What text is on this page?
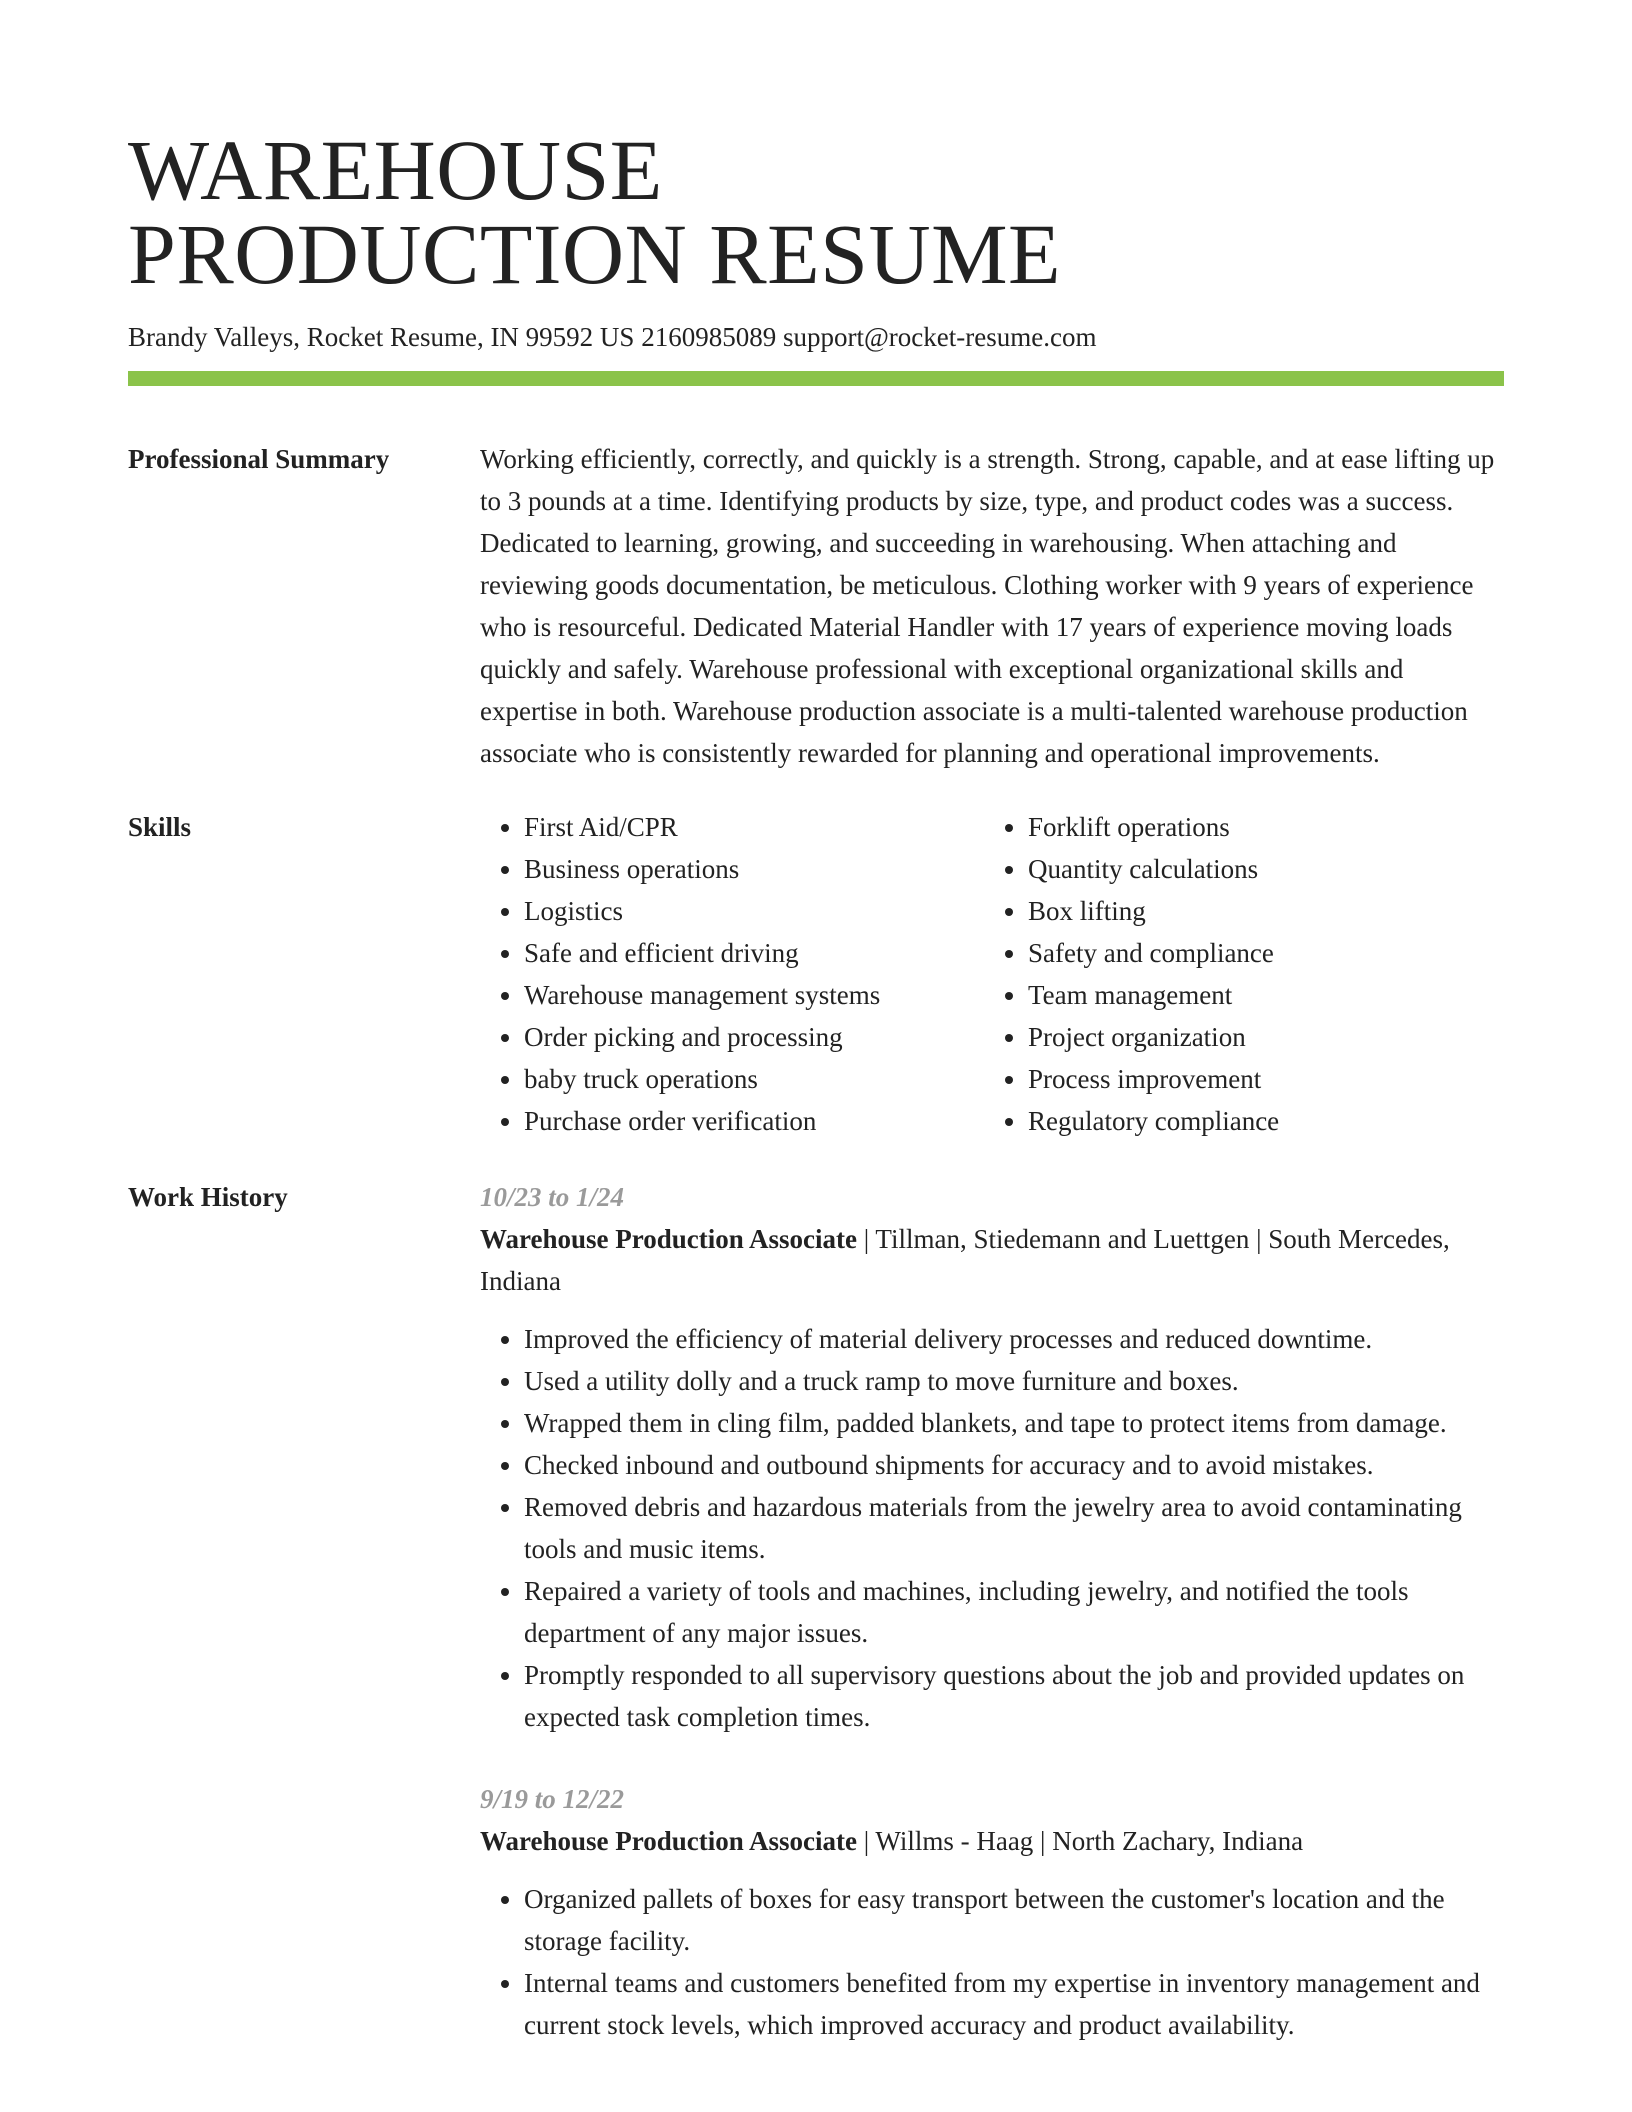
WAREHOUSE
PRODUCTION RESUME
Brandy Valleys, Rocket Resume, IN 99592 US 2160985089 support@rocket-resume.com
Professional Summary	Working efficiently, correctly, and quickly is a strength. Strong, capable, and at ease lifting up to 3 pounds at a time. Identifying products by size, type, and product codes was a success. Dedicated to learning, growing, and succeeding in warehousing. When attaching and reviewing goods documentation, be meticulous. Clothing worker with 9 years of experience who is resourceful. Dedicated Material Handler with 17 years of experience moving loads quickly and safely. Warehouse professional with exceptional organizational skills and expertise in both. Warehouse production associate is a multi-talented warehouse production associate who is consistently rewarded for planning and operational improvements.

Skills
•	First Aid/CPR
• Business operations
• Logistics
• Safe and efficient driving
• Warehouse management systems
• Order picking and processing
• baby truck operations
• Purchase order verification
• Forklift operations
• Quantity calculations
• Box lifting
• Safety and compliance
• Team management
• Project organization
• Process improvement
• Regulatory compliance
Work History	10/23 to 1/24
Warehouse Production Associate | Tillman, Stiedemann and Luettgen | South Mercedes, Indiana
• Improved the efficiency of material delivery processes and reduced downtime.
• Used a utility dolly and a truck ramp to move furniture and boxes.
• Wrapped them in cling film, padded blankets, and tape to protect items from damage.
• Checked inbound and outbound shipments for accuracy and to avoid mistakes.
• Removed debris and hazardous materials from the jewelry area to avoid contaminating tools and music items.
• Repaired a variety of tools and machines, including jewelry, and notified the tools department of any major issues.
• Promptly responded to all supervisory questions about the job and provided updates on expected task completion times.
9/19 to 12/22
Warehouse Production Associate | Willms - Haag | North Zachary, Indiana
• Organized pallets of boxes for easy transport between the customer's location and the storage facility.
• Internal teams and customers benefited from my expertise in inventory management and current stock levels, which improved accuracy and product availability.
